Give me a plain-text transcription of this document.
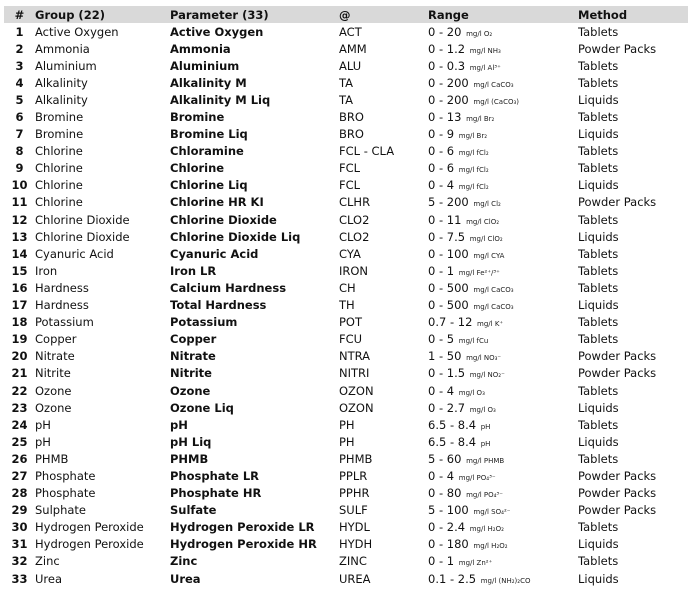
#	Group (22)	Parameter (33)	@	Range	Method
1	Active Oxygen	Active Oxygen	ACT	0 - 20 mg/l O₂	Tablets
2	Ammonia	Ammonia	AMM	0 - 1.2 mg/l NH₃	Powder Packs
3	Aluminium	Aluminium	ALU	0 - 0.3 mg/l Al³⁺	Tablets
4	Alkalinity	Alkalinity M	TA	0 - 200 mg/l CaCO₃	Tablets
5	Alkalinity	Alkalinity M Liq	TA	0 - 200 mg/l (CaCO₃)	Liquids
6	Bromine	Bromine	BRO	0 - 13 mg/l Br₂	Tablets
7	Bromine	Bromine Liq	BRO	0 - 9 mg/l Br₂	Liquids
8	Chlorine	Chloramine	FCL - CLA	0 - 6 mg/l fCl₂	Tablets
9	Chlorine	Chlorine	FCL	0 - 6 mg/l fCl₂	Tablets
10	Chlorine	Chlorine Liq	FCL	0 - 4 mg/l fCl₂	Liquids
11	Chlorine	Chlorine HR KI	CLHR	5 - 200 mg/l Cl₂	Powder Packs
12	Chlorine Dioxide	Chlorine Dioxide	CLO2	0 - 11 mg/l ClO₂	Tablets
13	Chlorine Dioxide	Chlorine Dioxide Liq	CLO2	0 - 7.5 mg/l ClO₂	Liquids
14	Cyanuric Acid	Cyanuric Acid	CYA	0 - 100 mg/l CYA	Tablets
15	Iron	Iron LR	IRON	0 - 1 mg/l Fe²⁺/³⁺	Tablets
16	Hardness	Calcium Hardness	CH	0 - 500 mg/l CaCO₃	Tablets
17	Hardness	Total Hardness	TH	0 - 500 mg/l CaCO₃	Liquids
18	Potassium	Potassium	POT	0.7 - 12 mg/l K⁺	Tablets
19	Copper	Copper	FCU	0 - 5 mg/l fCu	Tablets
20	Nitrate	Nitrate	NTRA	1 - 50 mg/l NO₃⁻	Powder Packs
21	Nitrite	Nitrite	NITRI	0 - 1.5 mg/l NO₂⁻	Powder Packs
22	Ozone	Ozone	OZON	0 - 4 mg/l O₃	Tablets
23	Ozone	Ozone Liq	OZON	0 - 2.7 mg/l O₃	Liquids
24	pH	pH	PH	6.5 - 8.4 pH	Tablets
25	pH	pH Liq	PH	6.5 - 8.4 pH	Liquids
26	PHMB	PHMB	PHMB	5 - 60 mg/l PHMB	Tablets
27	Phosphate	Phosphate LR	PPLR	0 - 4 mg/l PO₄³⁻	Powder Packs
28	Phosphate	Phosphate HR	PPHR	0 - 80 mg/l PO₄³⁻	Powder Packs
29	Sulphate	Sulfate	SULF	5 - 100 mg/l SO₄²⁻	Powder Packs
30	Hydrogen Peroxide	Hydrogen Peroxide LR	HYDL	0 - 2.4 mg/l H₂O₂	Tablets
31	Hydrogen Peroxide	Hydrogen Peroxide HR	HYDH	0 - 180 mg/l H₂O₂	Liquids
32	Zinc	Zinc	ZINC	0 - 1 mg/l Zn²⁺	Tablets
33	Urea	Urea	UREA	0.1 - 2.5 mg/l (NH₂)₂CO	Liquids
